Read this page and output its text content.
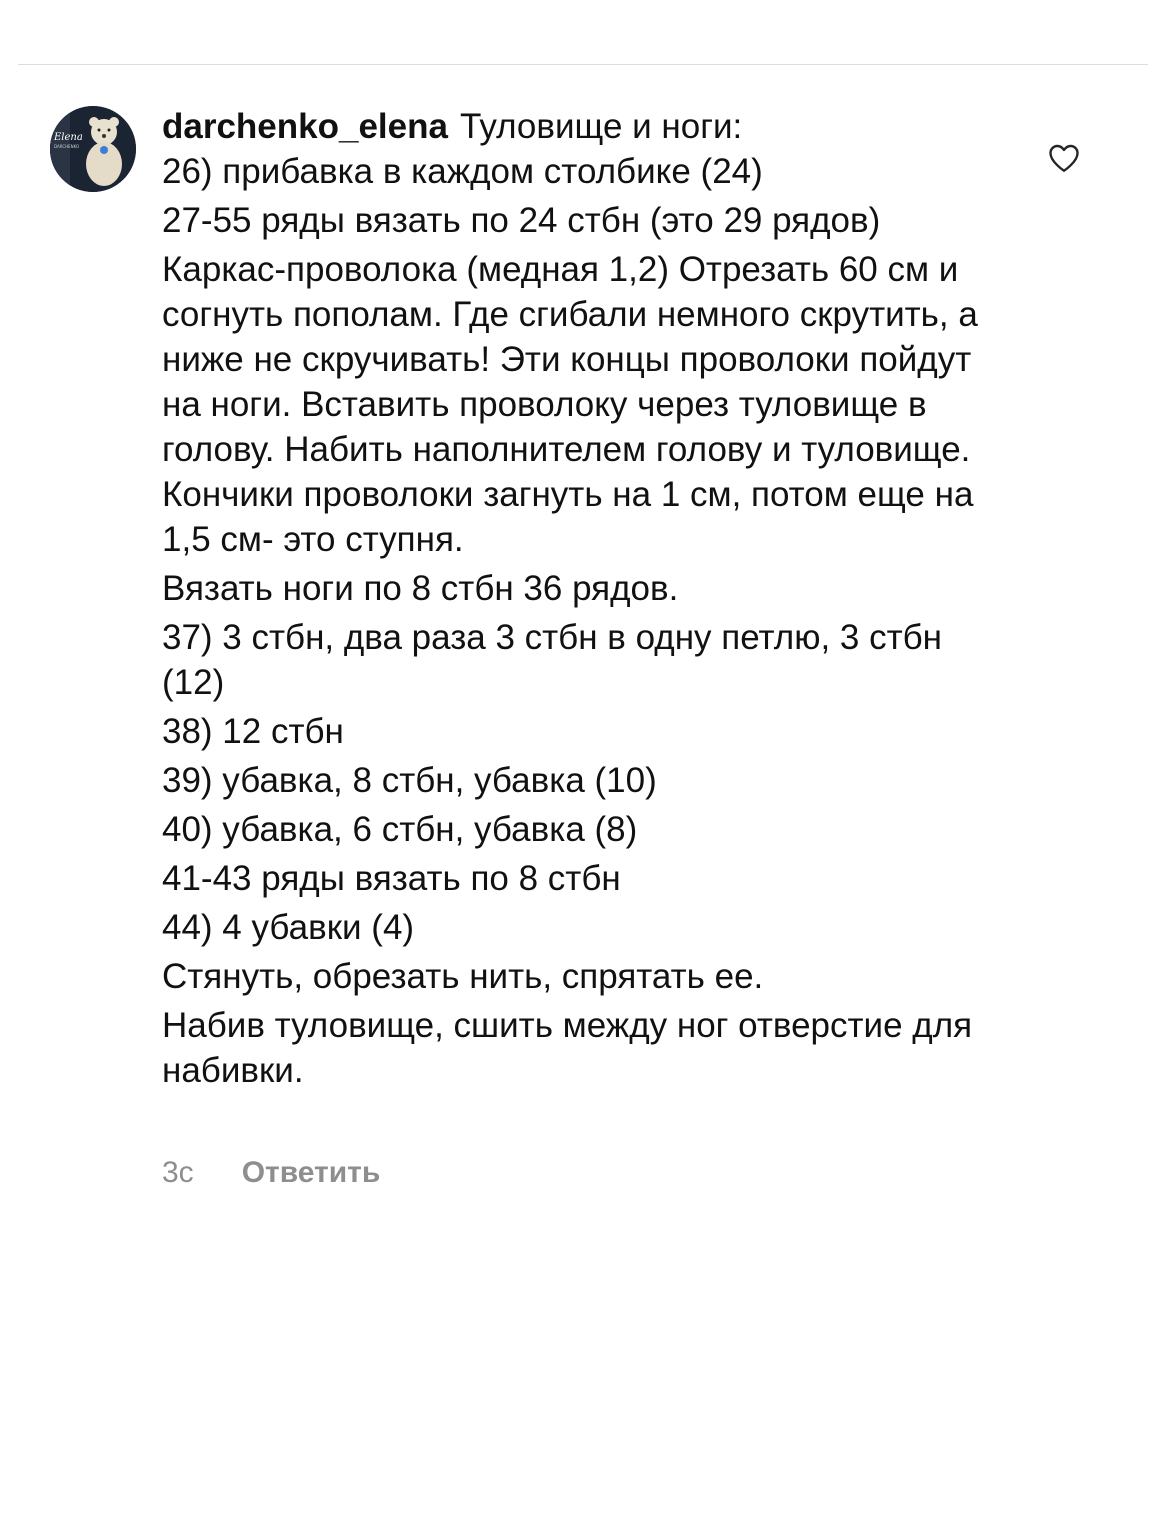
Elena
DARCHENKO
darchenko_elena Туловище и ноги:
26) прибавка в каждом столбике (24)
27-55 ряды вязать по 24 стбн (это 29 рядов)
Каркас-проволока (медная 1,2) Отрезать 60 см и согнуть пополам. Где сгибали немного скрутить, а ниже не скручивать! Эти концы проволоки пойдут на ноги. Вставить проволоку через туловище в голову. Набить наполнителем голову и туловище. Кончики проволоки загнуть на 1 см, потом еще на 1,5 см- это ступня.
Вязать ноги по 8 стбн 36 рядов.
37) 3 стбн, два раза 3 стбн в одну петлю, 3 стбн (12)
38) 12 стбн
39) убавка, 8 стбн, убавка (10)
40) убавка, 6 стбн, убавка (8)
41-43 ряды вязать по 8 стбн
44) 4 убавки (4)
Стянуть, обрезать нить, спрятать ее.
Набив туловище, сшить между ног отверстие для набивки.
3c Ответить
